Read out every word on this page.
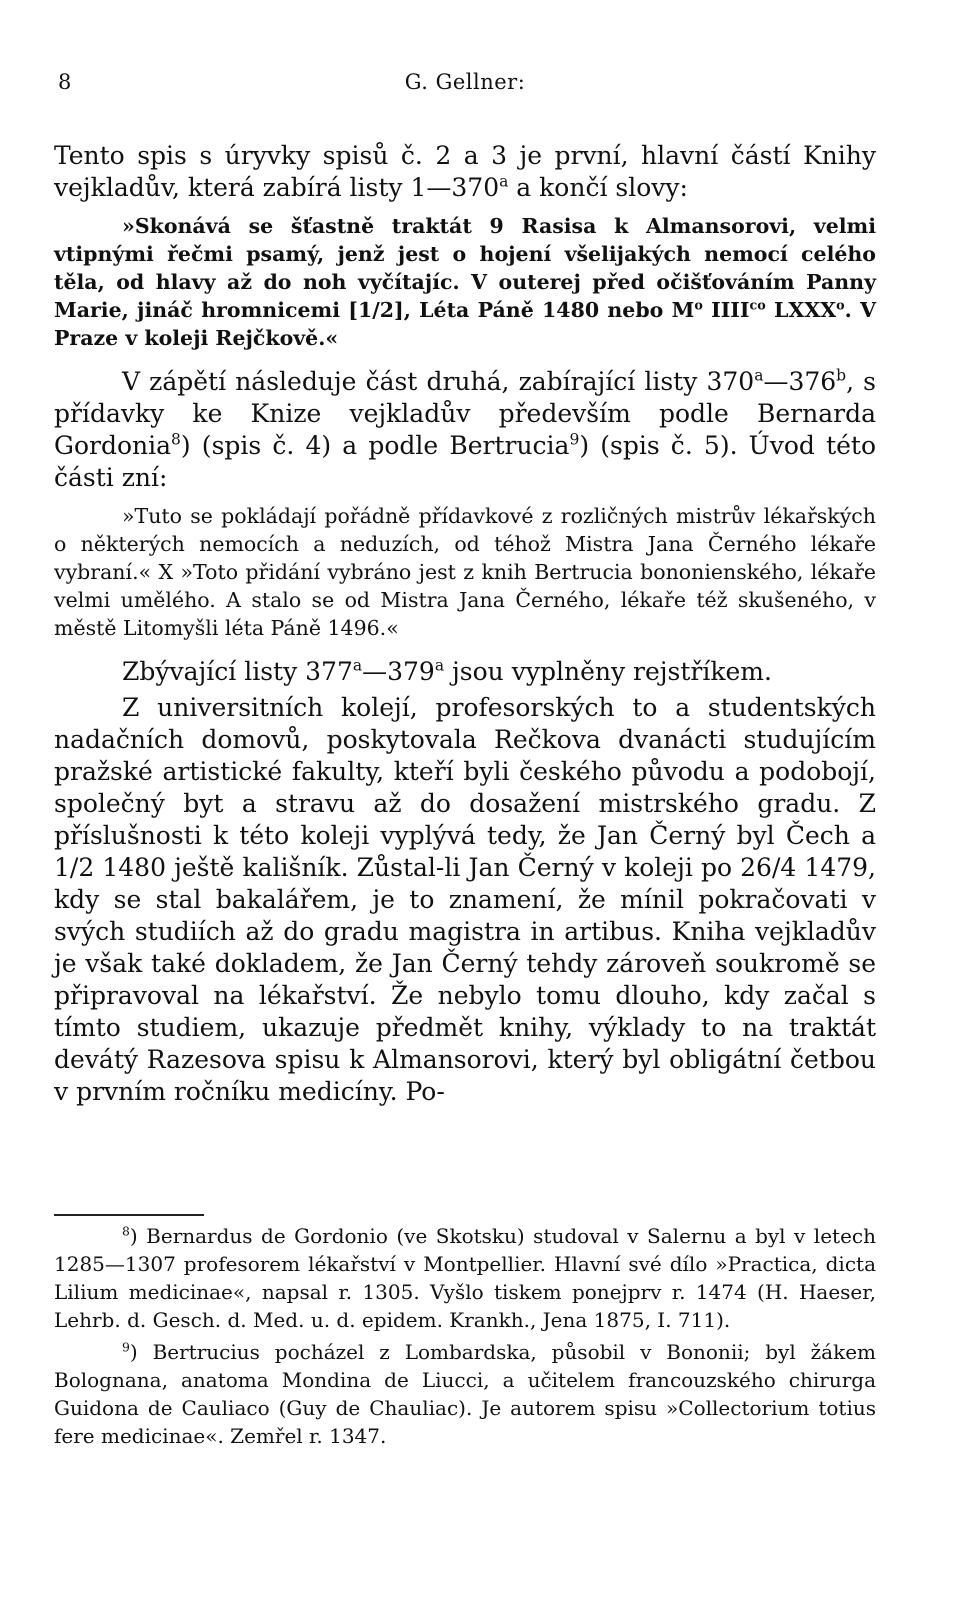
8	G. Gellner:

Tento spis s úryvky spisů č. 2 a 3 je první, hlavní částí Knihy vejkladův, která zabírá listy 1—370$^a$ a končí slovy:

»Skonává se šťastně traktát 9 Rasisa k Almansorovi, velmi vtipnými řečmi psamý, jenž jest o hojení všelijakých nemocí celého těla, od hlavy až do noh vyčítajíc. V outerej před očišťováním Panny Marie, jináč hromnicemi [1/2], Léta Páně 1480 nebo $M^o$ $IIII^{co}$ LXXX$^o$. V Praze v koleji Rejčkově.«

V zápětí následuje část druhá, zabírající listy 370$^a$—376$^b$, s přídavky ke Knize vejkladův především podle Bernarda Gordonia$^8$) (spis č. 4) a podle Bertrucia$^9$) (spis č. 5). Úvod této části zní:

»Tuto se pokládají pořádně přídavkové z rozličných mistrův lékařských o některých nemocích a neduzích, od téhož Mistra Jana Černého lékaře vybraní.« X »Toto přidání vybráno jest z knih Bertrucia bononienského, lékaře velmi umělého. A stalo se od Mistra Jana Černého, lékaře též skušeného, v městě Litomyšli léta Páně 1496.«

Zbývající listy 377$^a$—379$^a$ jsou vyplněny rejstříkem.

Z universitních kolejí, profesorských to a studentských nadačních domovů, poskytovala Rečkova dvanácti studujícím pražské artistické fakulty, kteří byli českého původu a podobojí, společný byt a stravu až do dosažení mistrského gradu. Z příslušnosti k této koleji vyplývá tedy, že Jan Černý byl Čech a 1/2 1480 ještě kališník. Zůstal-li Jan Černý v koleji po 26/4 1479, kdy se stal bakalářem, je to znamení, že mínil pokračovati v svých studiích až do gradu magistra in artibus. Kniha vejkladův je však také dokladem, že Jan Černý tehdy zároveň soukromě se připravoval na lékařství. Že nebylo tomu dlouho, kdy začal s tímto studiem, ukazuje předmět knihy, výklady to na traktát devátý Razesova spisu k Almansorovi, který byl obligátní četbou v prvním ročníku medicíny. Po-

$^8$) Bernardus de Gordonio (ve Skotsku) studoval v Salernu a byl v letech 1285—1307 profesorem lékařství v Montpellier. Hlavní své dílo »Practica, dicta Lilium medicinae«, napsal r. 1305. Vyšlo tiskem ponejprv r. 1474 (H. Haeser, Lehrb. d. Gesch. d. Med. u. d. epidem. Krankh., Jena 1875, I. 711).

$^9$) Bertrucius pocházel z Lombardska, působil v Bononii; byl žákem Bolognana, anatoma Mondina de Liucci, a učitelem francouzského chirurga Guidona de Cauliaco (Guy de Chauliac). Je autorem spisu »Collectorium totius fere medicinae«. Zemřel r. 1347.
